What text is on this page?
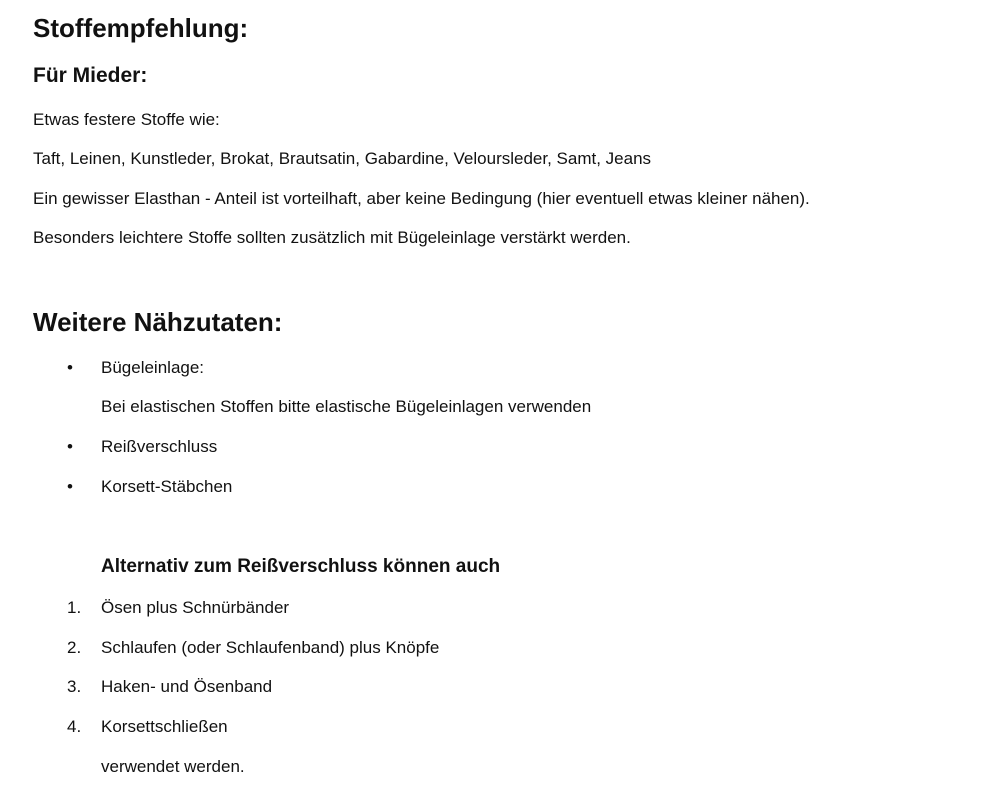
Stoffempfehlung:
Für Mieder:
Etwas festere Stoffe wie:
Taft, Leinen, Kunstleder, Brokat, Brautsatin, Gabardine, Veloursleder, Samt, Jeans
Ein gewisser Elasthan - Anteil ist vorteilhaft, aber keine Bedingung (hier eventuell etwas kleiner nähen).
Besonders leichtere Stoffe sollten zusätzlich mit Bügeleinlage verstärkt werden.
Weitere Nähzutaten:
•	Bügeleinlage:
Bei elastischen Stoffen bitte elastische Bügeleinlagen verwenden
•	Reißverschluss
•	Korsett-Stäbchen
Alternativ zum Reißverschluss können auch
1. Ösen plus Schnürbänder
2. Schlaufen (oder Schlaufenband) plus Knöpfe
3. Haken- und Ösenband
4. Korsettschließen
verwendet werden.
